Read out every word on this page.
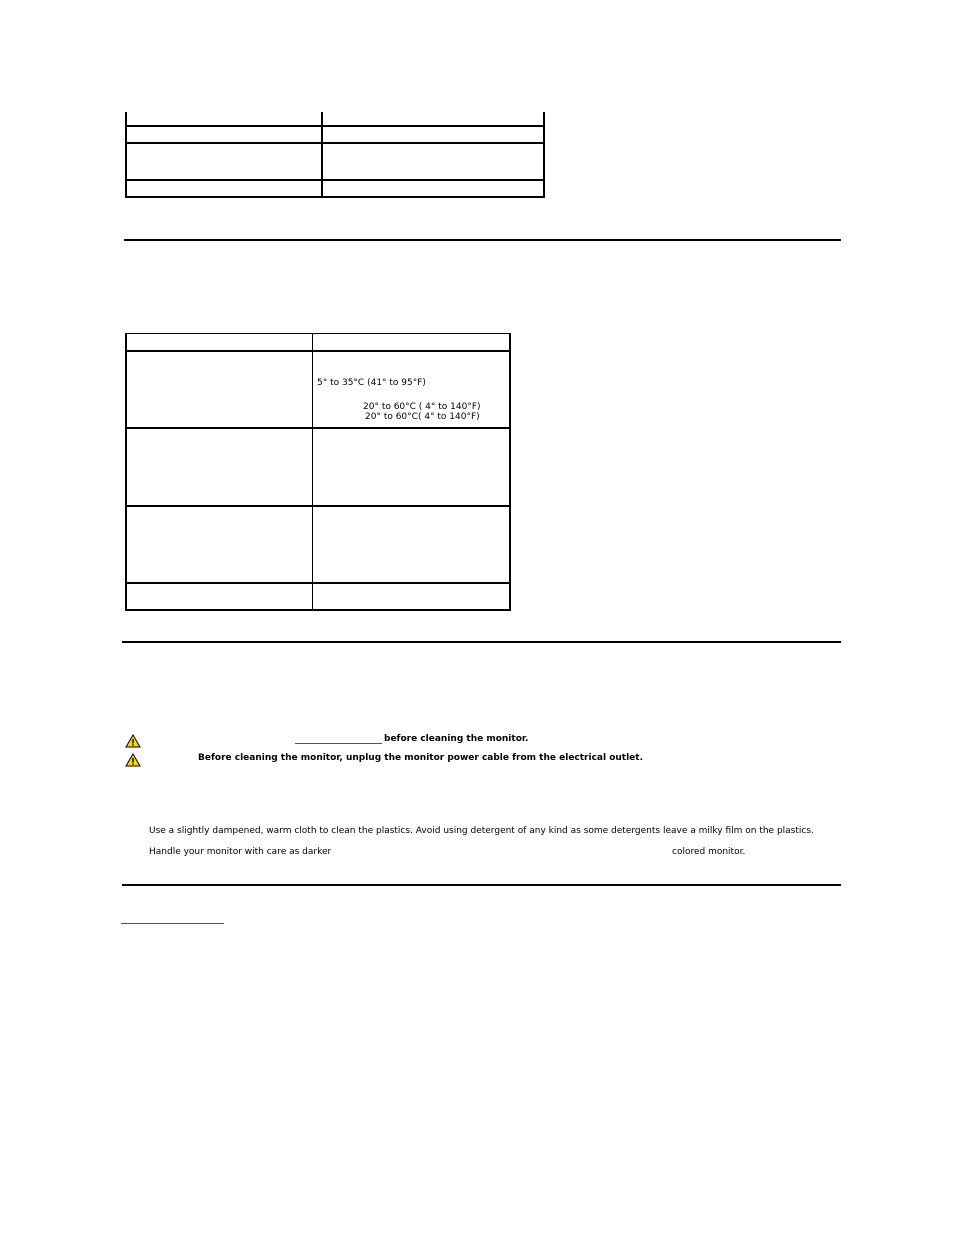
5° to 35°C (41° to 95°F)
20° to 60°C ( 4° to 140°F)
20° to 60°C( 4° to 140°F)
before cleaning the monitor.
Before cleaning the monitor, unplug the monitor power cable from the electrical outlet.
Use a slightly dampened, warm cloth to clean the plastics. Avoid using detergent of any kind as some detergents leave a milky film on the plastics.
Handle your monitor with care as darker	colored monitor.
